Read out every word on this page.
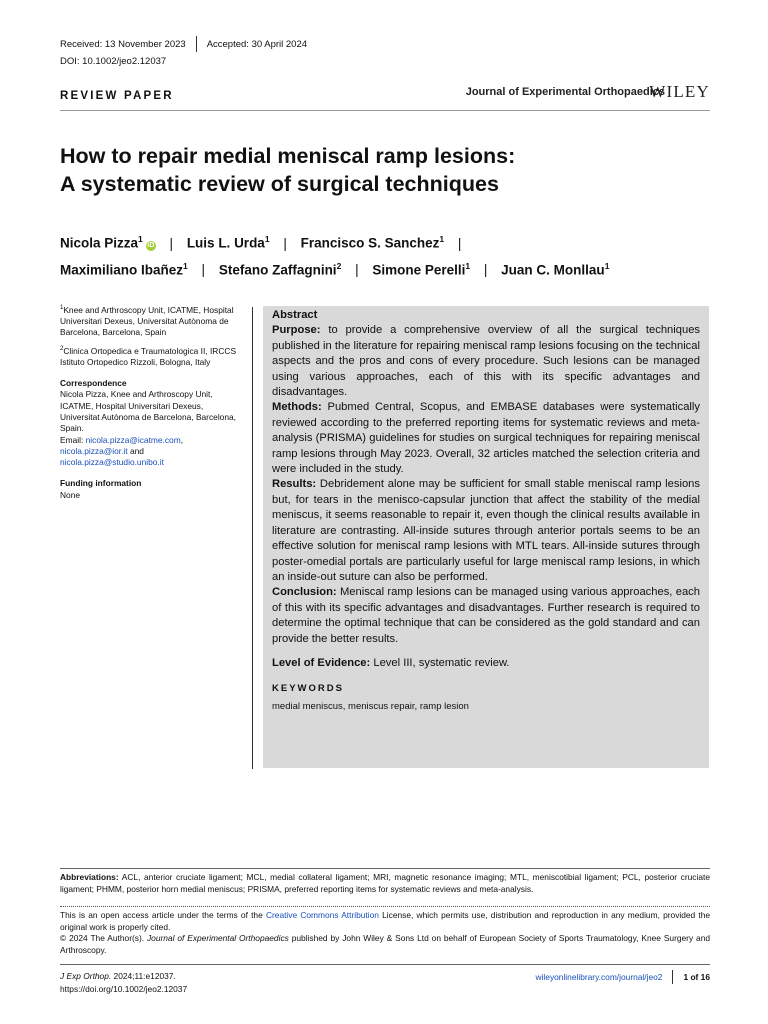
Received: 13 November 2023 Accepted: 30 April 2024
DOI: 10.1002/jeo2.12037
REVIEW PAPER	Journal of Experimental Orthopaedics
WILEY
How to repair medial meniscal ramp lesions:
A systematic review of surgical techniques
Nicola Pizza$^1$iD | Luis L. Urda$^1$ | Francisco S. Sanchez$^1$ |
Maximiliano Ibañez$^1$ | Stefano Zaffagnini$^2$ | Simone Perelli$^1$ | Juan C. Monllau$^1$

$^1$Knee and Arthroscopy Unit, ICATME, Hospital Universitari Dexeus, Universitat Autònoma de Barcelona, Barcelona, Spain

$^2$Clinica Ortopedica e Traumatologica II, IRCCS Istituto Ortopedico Rizzoli, Bologna, Italy

Correspondence

Nicola Pizza, Knee and Arthroscopy Unit, ICATME, Hospital Universitari Dexeus, Universitat Autònoma de Barcelona, Barcelona, Spain.
Email: nicola.pizza@icatme.com,
nicola.pizza@ior.it and
nicola.pizza@studio.unibo.it

Funding information

None

Abstract

Purpose: to provide a comprehensive overview of all the surgical techniques published in the literature for repairing meniscal ramp lesions focusing on the technical aspects and the pros and cons of every procedure. Such lesions can be managed using various approaches, each of this with its specific advantages and disadvantages.

Methods: Pubmed Central, Scopus, and EMBASE databases were systematically reviewed according to the preferred reporting items for systematic reviews and meta-analysis (PRISMA) guidelines for studies on surgical techniques for repairing meniscal ramp lesions through May 2023. Overall, 32 articles matched the selection criteria and were included in the study.

Results: Debridement alone may be sufficient for small stable meniscal ramp lesions but, for tears in the menisco-capsular junction that affect the stability of the medial meniscus, it seems reasonable to repair it, even though the clinical results available in literature are contrasting. All-inside sutures through anterior portals seems to be an effective solution for meniscal ramp lesions with MTL tears. All-inside sutures through poster-omedial portals are particularly useful for large meniscal ramp lesions, in which an inside-out suture can also be performed.

Conclusion: Meniscal ramp lesions can be managed using various approaches, each of this with its specific advantages and disadvantages. Further research is required to determine the optimal technique that can be considered as the gold standard and can provide the better results.

Level of Evidence: Level III, systematic review.

KEYWORDS
medial meniscus, meniscus repair, ramp lesion

Abbreviations: ACL, anterior cruciate ligament; MCL, medial collateral ligament; MRI, magnetic resonance imaging; MTL, meniscotibial ligament; PCL, posterior cruciate ligament; PHMM, posterior horn medial meniscus; PRISMA, preferred reporting items for systematic reviews and meta-analysis.

This is an open access article under the terms of the Creative Commons Attribution License, which permits use, distribution and reproduction in any medium, provided the original work is properly cited.

© 2024 The Author(s). Journal of Experimental Orthopaedics published by John Wiley & Sons Ltd on behalf of European Society of Sports Traumatology, Knee Surgery and Arthroscopy.

J Exp Orthop. 2024;11:e12037.
https://doi.org/10.1002/jeo2.12037
wileyonlinelibrary.com/journal/jeo2	1 of 16
